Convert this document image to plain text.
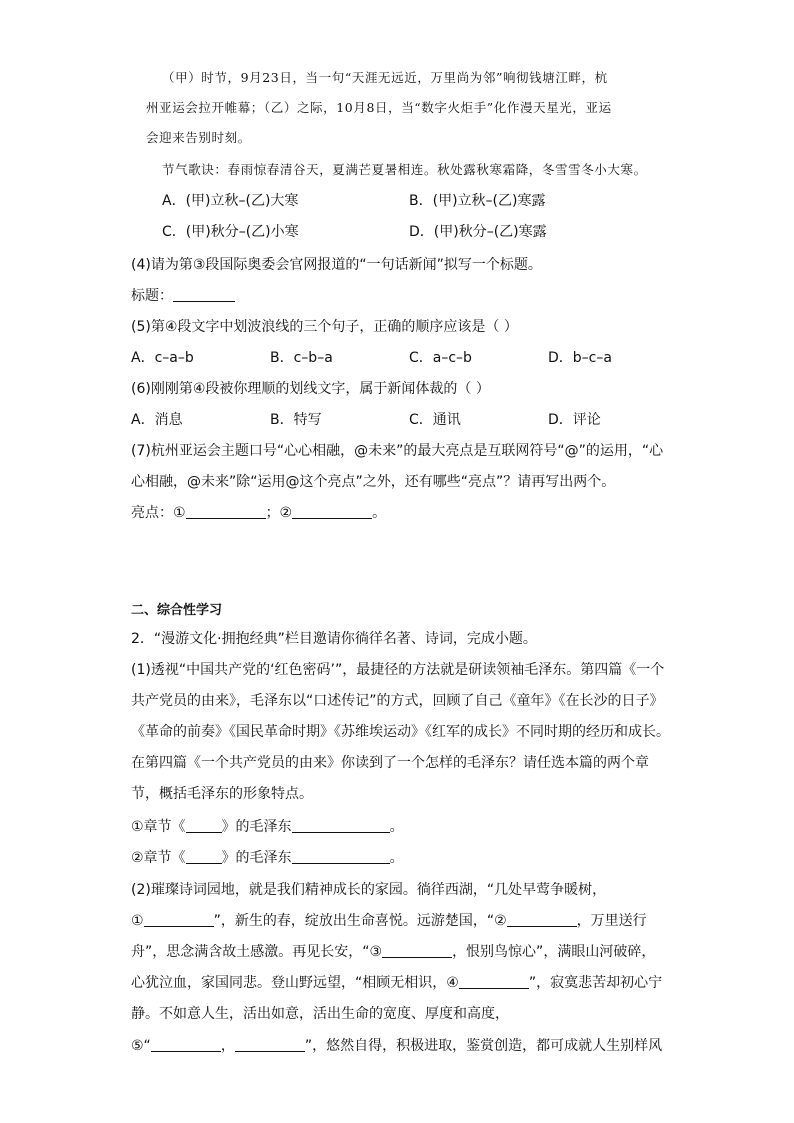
（甲）时节，9月23日，当一句“天涯无远近，万里尚为邻”响彻钱塘江畔，杭
州亚运会拉开帷幕；（乙）之际，10月8日，当“数字火炬手”化作漫天星光，亚运
会迎来告别时刻。
节气歌诀：春雨惊春清谷天，夏满芒夏暑相连。秋处露秋寒霜降，冬雪雪冬小大寒。
A．(甲)立秋–(乙)大寒	B．(甲)立秋–(乙)寒露
C．(甲)秋分–(乙)小寒	D．(甲)秋分–(乙)寒露
(4)请为第③段国际奥委会官网报道的“一句话新闻”拟写一个标题。
标题：
(5)第④段文字中划波浪线的三个句子，正确的顺序应该是（ ）
A．c–a–b	B．c–b–a	C．a–c–b	D．b–c–a
(6)刚刚第④段被你理顺的划线文字，属于新闻体裁的（ ）
A．消息	B．特写	C．通讯	D．评论
(7)杭州亚运会主题口号“心心相融，@未来”的最大亮点是互联网符号“@”的运用，“心
心相融，@未来”除“运用@这个亮点”之外，还有哪些“亮点”？请再写出两个。
亮点：①	；②	。
二、综合性学习
2．“漫游文化·拥抱经典”栏目邀请你徜徉名著、诗词，完成小题。
(1)透视“中国共产党的‘红色密码’”，最捷径的方法就是研读领袖毛泽东。第四篇《一个
共产党员的由来》，毛泽东以“口述传记”的方式，回顾了自己《童年》《在长沙的日子》
《革命的前奏》《国民革命时期》《苏维埃运动》《红军的成长》不同时期的经历和成长。
在第四篇《一个共产党员的由来》你读到了一个怎样的毛泽东？请任选本篇的两个章
节，概括毛泽东的形象特点。
①章节《	》的毛泽东	。
②章节《	》的毛泽东	。
(2)璀璨诗词园地，就是我们精神成长的家园。徜徉西湖，“几处早莺争暖树，
①	”，新生的春，绽放出生命喜悦。远游楚国，“②	，万里送行
舟”，思念满含故土感激。再见长安，“③	，恨别鸟惊心”，满眼山河破碎，
心犹泣血，家国同悲。登山野远望，“相顾无相识，④	”，寂寞悲苦却初心宁
静。不如意人生，活出如意，活出生命的宽度、厚度和高度，
⑤“	，	”，悠然自得，积极进取，鉴赏创造，都可成就人生别样风
